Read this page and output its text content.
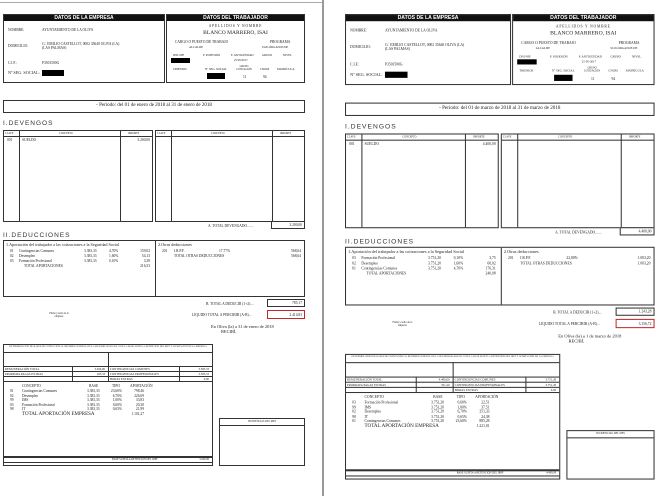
DATOS DE LA EMPRESA
NOMBRE:	AYUNTAMIENTO DE LA OLIVA
DOMICILIO:	C/. EMILIO CASTELLOT, 0002 35640 OLIVA (LA)
(LAS PALMAS)
C.I.F.:	P3501500G
Nº SEG. SOCIAL:
DATOS DEL TRABAJADOR
APELLIDOS Y NOMBRE
BLANCO MARRERO, ISAI
CARGO O PUESTO DE TRABAJO	PROGRAMA
ALCALDE	9120-ÓRGANOS DE
DNI-NIF	F. POSESIÓN	F. ANTIGÜEDAD	GRUPO	NIVEL
25/05/2017
TRIENIOS	Nº SEG. SOCIAL
GRUPO COTIZACIÓN	CNOM	MATRÍCULA
11	94
- Periodo: del 01 de enero de 2018 al 31 de enero de 2018
I.DEVENGOS
CLAVE	CONCEPTO	IMPORTE
001	SUELDO	3.200,00
CLAVE	CONCEPTO	IMPORTE
A. TOTAL DEVENGADO.......	3.200,00
II.DEDUCCIONES
1.Aportación del trabajador a las cotizaciones a la Seguridad Social	2.Otras deducciones
01 Contingencias Comunes	3.383,33	4,70%	159,02
02 Desempleo	3.383,33	1,60%	54,13
03 Formación Profesional	3.383,33	0,10%	3,38
TOTAL APORTACIONES	216,53
201 I.R.P.F.	17,77%	568,64
TOTAL OTRAS DEDUCCIONES	568,64
B. TOTAL A DEDUCIR (1+2)....	785,17
LIQUIDO TOTAL A PERCIBIR (A-B)...	2.414,83
Firma y sello de la empresa
En Oliva (la) a 31 de enero de 2018
RECIBÍ,
DETERMINACIÓN DE BASES DE COTIZACIÓN AL RÉGIMEN GENERAL DE LA SEGURIDAD SOCIAL Y DE LA BASE SUJETA A RETENCIÓN DEL IRPF Y APORTACIÓN DE LA EMPRESA
REMUNERACIÓN TOTAL	3.200,00
PRORRATA PAGAS EXTRAS	183,33
CONTINGENCIAS COMUNES	3.383,33
CONTINGENCIAS PROFESIONALES	3.383,33
HORAS EXTRAS	0,00
CONCEPTO	BASE	TIPO	APORTACIÓN
01 Contingencias Comunes	3.383,33	23,60%	798,46
02 Desempleo	3.383,33	6,70%	226,69
99 IMS	3.383,33	1,00%	33,83
03 Formación Profesional	3.383,33	0,60%	20,30
98 IT	3.383,33	0,65%	21,99
TOTAL APORTACIÓN EMPRESA	1.101,27
BASE SUJETA A RETENCIÓN DEL IRPF	3.200,00
INCIDENCIAS DEL MES
DATOS DE LA EMPRESA
NOMBRE:	AYUNTAMIENTO DE LA OLIVA
DOMICILIO:
C/. EMILIO CASTELLOT, 0002 35640 OLIVA (LA)
(LAS PALMAS)
C.I.F.:	P3501500G
Nº SEG. SOCIAL:
DATOS DEL TRABAJADOR
APELLIDOS Y NOMBRE
BLANCO MARRERO, ISAI
CARGO O PUESTO DE TRABAJO	PROGRAMA
ALCALDE	9120-ÓRGANOS DE
DNI-NIF	F. POSESIÓN	F. ANTIGÜEDAD	GRUPO	NIVEL
25-05-2017
TRIENIOS	Nº SEG. SOCIAL
GRUPO COTIZACIÓN	CNOM	MATRÍCULA
11	94
- Periodo: del 01 de marzo de 2018 al 31 de marzo de 2018
I.DEVENGOS
CLAVE	CONCEPTO	IMPORTE
001	SUELDO	4.400,00
CLAVE	CONCEPTO	IMPORTE
A. TOTAL DEVENGADO.......	4.400,00
II.DEDUCCIONES
1.Aportación del trabajador a las cotizaciones a la Seguridad Social	2.Otras deducciones
03 Formación Profesional	3.751,20	0,10%	3,75
02 Desempleo	3.751,20	1,60%	60,02
01 Contingencias Comunes	3.751,20	4,70%	176,31
TOTAL APORTACIONES	240,08
201 I.R.P.F.	22,80%	1.003,20
TOTAL OTRAS DEDUCCIONES	1.003,20
B. TOTAL A DEDUCIR (1+2)....	1.243,28
LIQUIDO TOTAL A PERCIBIR (A-B)...	3.156,72
Firma y sello de la empresa
En Oliva (la) a 1 de marzo de 2018
RECIBÍ,
DETERMINACIÓN DE BASES DE COTIZACIÓN AL RÉGIMEN GENERAL DE LA SEGURIDAD SOCIAL Y DE LA BASE SUJETA A RETENCIÓN DEL IRPF Y APORTACIÓN DE LA EMPRESA
REMUNERACIÓN TOTAL	4.400,00
PRORRATA PAGAS EXTRAS	351,20
CONTINGENCIAS COMUNES	3.751,20
CONTINGENCIAS PROFESIONALES	3.751,20
HORAS EXTRAS	0,00
CONCEPTO	BASE	TIPO	APORTACIÓN
03 Formación Profesional	3.751,20	0,60%	22,51
99 IMS	3.751,20	1,00%	37,51
02 Desempleo	3.751,20	6,70%	251,33
98 IT	3.751,20	0,65%	24,38
01 Contingencias Comunes	3.751,20	23,60%	885,28
TOTAL APORTACIÓN EMPRESA	1.221,01
BASE SUJETA A RETENCIÓN DEL IRPF	4.400,00
INCIDENCIAS DEL MES
